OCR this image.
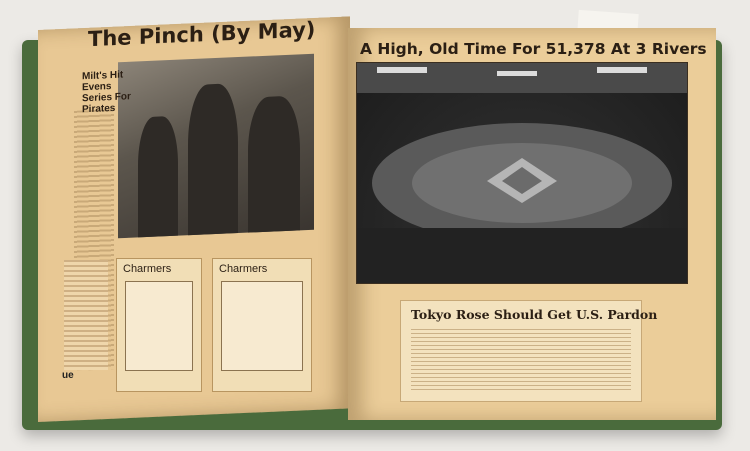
The Pinch (By May)
Milt's Hit Evens Series For Pirates
Charmers	Charmers
ue
A High, Old Time For 51,378 At 3 Rivers
Tokyo Rose Should Get U.S. Pardon
